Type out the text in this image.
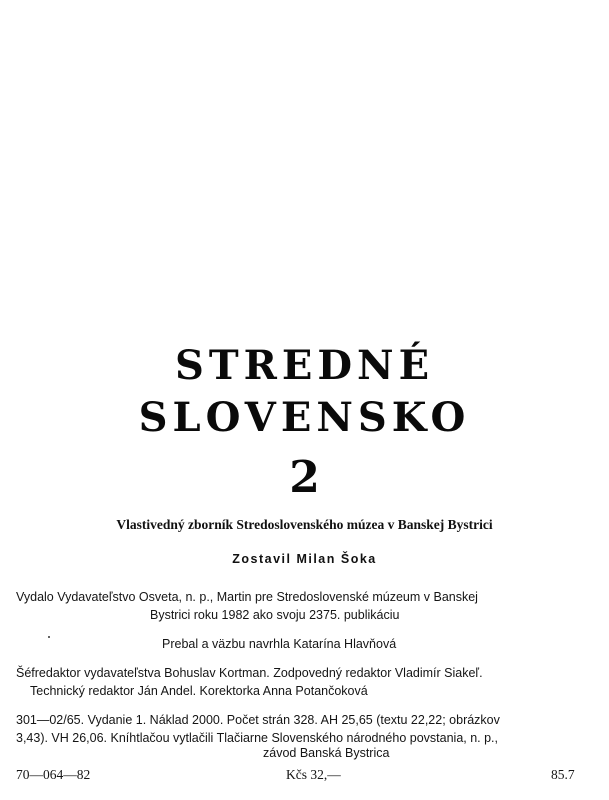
STREDNÉ
SLOVENSKO
2
Vlastivedný zborník Stredoslovenského múzea v Banskej Bystrici
Zostavil Milan Šoka
Vydalo Vydavateľstvo Osveta, n. p., Martin pre Stredoslovenské múzeum v Banskej
Bystrici roku 1982 ako svoju 2375. publikáciu
Prebal a väzbu navrhla Katarína Hlavňová
Šéfredaktor vydavateľstva Bohuslav Kortman. Zodpovedný redaktor Vladimír Siakeľ.
Technický redaktor Ján Andel. Korektorka Anna Potančoková
301—02/65. Vydanie 1. Náklad 2000. Počet strán 328. AH 25,65 (textu 22,22; obrázkov
3,43). VH 26,06. Kníhtlačou vytlačili Tlačiarne Slovenského národného povstania, n. p.,
závod Banská Bystrica
70—064—82	Kčs 32,—	85.7
